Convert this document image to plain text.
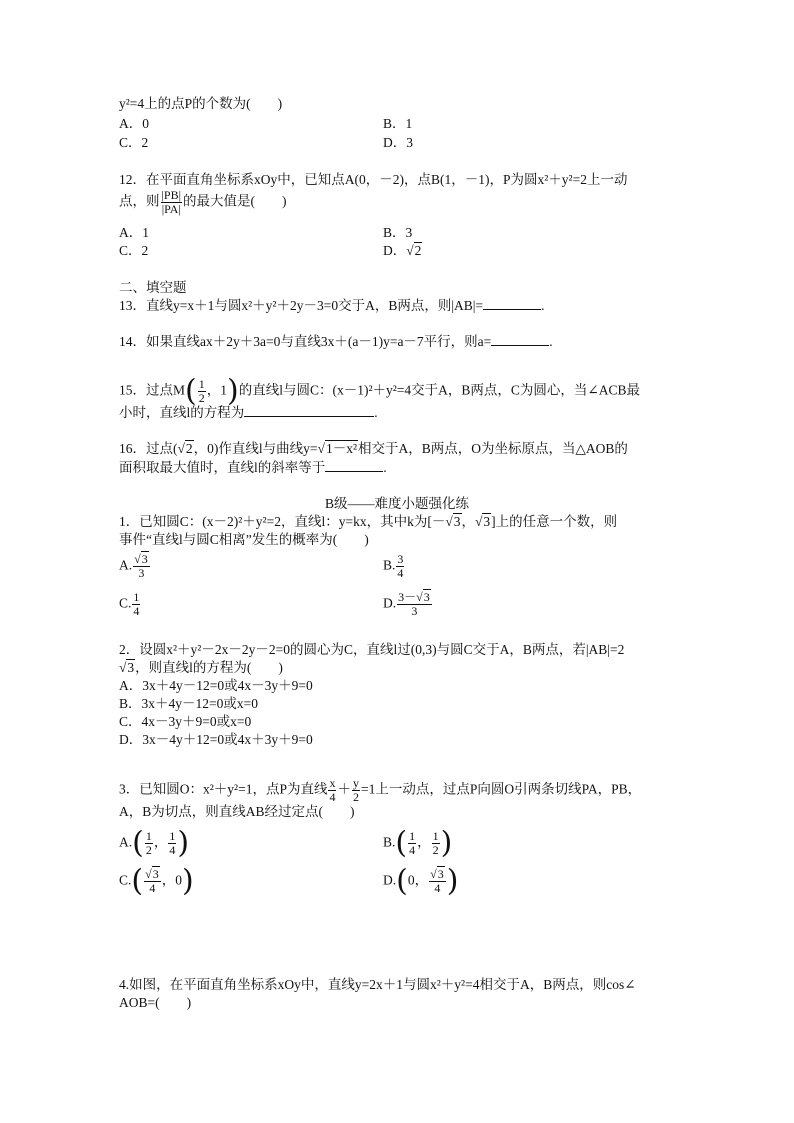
y²=4上的点P的个数为(　　)
A．0	B．1
C．2	D．3
12．在平面直角坐标系xOy中，已知点A(0，－2)，点B(1，－1)，P为圆x²＋y²=2上一动
点，则 $\frac{|PB|}{|PA|}$ 的最大值是(　　)
A．1	B．3
C．2	D．√2
二、填空题
13．直线y=x＋1与圆x²＋y²＋2y－3=0交于A，B两点，则|AB|=	.
14．如果直线ax＋2y＋3a=0与直线3x＋(a－1)y=a－7平行，则a=	.
15．过点$M( \frac{1}{2}$ ，1)的直线l与圆C：(x－1)²＋y²=4交于A，B两点，C为圆心，当∠ACB最
小时，直线l的方程为	.
16．过点(√2，0)作直线l与曲线y=√1－x²相交于A，B两点，O为坐标原点，当△AOB的
面积取最大值时，直线l的斜率等于	.
B级——难度小题强化练
1．已知圆C：(x－2)²＋y²=2，直线l：y=kx，其中k为[－√3，√3]上的任意一个数，则
事件“直线l与圆C相离”发生的概率为(　　)
A. $\frac{√3}{3}$	B. $\frac{3}{4}$
C. $\frac{1}{4}$	D. $\frac{3-√3}{3}$
2．设圆x²＋y²－2x－2y－2=0的圆心为C，直线l过(0,3)与圆C交于A，B两点，若|AB|=2
√3，则直线l的方程为(　　)
A．3x＋4y－12=0或4x－3y＋9=0
B．3x＋4y－12=0或x=0
C．4x－3y＋9=0或x=0
D．3x－4y＋12=0或4x＋3y＋9=0
3．已知圆O：x²＋y²=1，点P为直线 $\frac{x}{4} + \frac{y}{2} =1$上一动点，过点P向圆O引两条切线PA，PB，
A，B为切点，则直线AB经过定点(　　)
$A.( \frac{1}{2}$ ， $\frac{1}{4}$ )	$B.( \frac{1}{4}$ ， $\frac{1}{2}$ )
$C.( \frac{√3}{4}$ ，0)	D.(0， $\frac{√3}{4}$ )
4.如图，在平面直角坐标系xOy中，直线y=2x＋1与圆x²＋y²=4相交于A，B两点，则cos∠
AOB=(　　)
